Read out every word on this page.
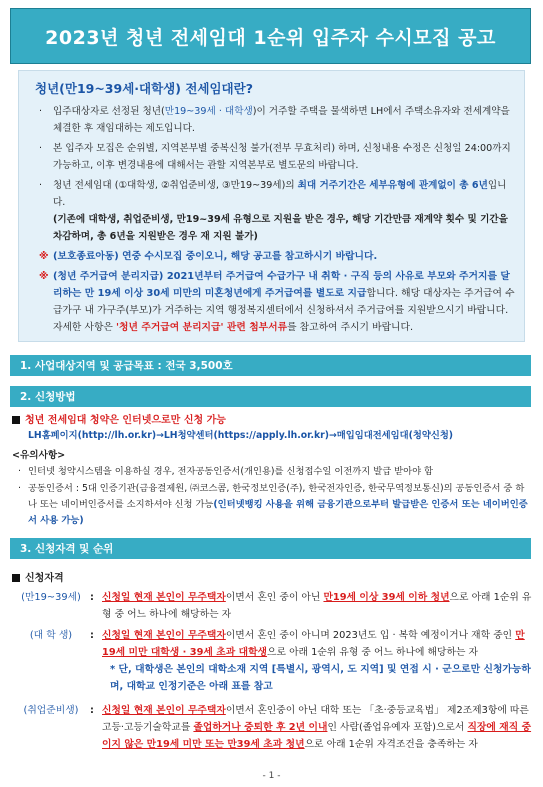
2023년 청년 전세임대 1순위 입주자 수시모집 공고
청년(만19~39세·대학생) 전세임대란?
· 입주대상자로 선정된 청년(만19~39세 · 대학생)이 거주할 주택을 물색하면 LH에서 주택소유자와 전세계약을 체결한 후 재임대하는 제도입니다.
· 본 입주자 모집은 순위별, 지역본부별 중복신청 불가(전부 무효처리) 하며, 신청내용 수정은 신청일 24:00까지 가능하고, 이후 변경내용에 대해서는 관할 지역본부로 별도문의 바랍니다.
· 청년 전세임대 (①대학생, ②취업준비생, ③만19~39세)의 최대 거주기간은 세부유형에 관계없이 총 6년입니다.
(기존에 대학생, 취업준비생, 만19~39세 유형으로 지원을 받은 경우, 해당 기간만큼 재계약 횟수 및 기간을 차감하며, 총 6년을 지원받은 경우 재 지원 불가)
※ (보호종료아동) 연중 수시모집 중이오니, 해당 공고를 참고하시기 바랍니다.
※ (청년 주거급여 분리지급) 2021년부터 주거급여 수급가구 내 취학 · 구직 등의 사유로 부모와 주거지를 달리하는 만 19세 이상 30세 미만의 미혼청년에게 주거급여를 별도로 지급합니다. 해당 대상자는 주거급여 수급가구 내 가구주(부모)가 거주하는 지역 행정복지센터에서 신청하셔서 주거급여를 지원받으시기 바랍니다. 자세한 사항은 '청년 주거급여 분리지급' 관련 첨부서류를 참고하여 주시기 바랍니다.
1. 사업대상지역 및 공급목표 : 전국 3,500호
2. 신청방법
청년 전세임대 청약은 인터넷으로만 신청 가능
LH홈페이지(http://lh.or.kr)→LH청약센터(https://apply.lh.or.kr)→매입임대전세임대(청약신청)
<유의사항>
· 인터넷 청약시스템을 이용하실 경우, 전자공동인증서(개인용)를 신청접수일 이전까지 발급 받아야 함
· 공동인증서 : 5대 인증기관(금융결제원, ㈜코스콤, 한국정보인증(주), 한국전자인증, 한국무역정보통신)의 공동인증서 중 하나 또는 네이버인증서를 소지하셔야 신청 가능(인터넷뱅킹 사용을 위해 금융기관으로부터 발급받은 인증서 또는 네이버인증서 사용 가능)
3. 신청자격 및 순위
신청자격
(만19~39세) : 신청일 현재 본인이 무주택자이면서 혼인 중이 아닌 만19세 이상 39세 이하 청년으로 아래 1순위 유형 중 어느 하나에 해당하는 자
(대 학 생)	: 신청일 현재 본인이 무주택자이면서 혼인 중이 아니며 2023년도 입 · 복학 예정이거나 재학 중인 만19세 미만 대학생 · 39세 초과 대학생으로 아래 1순위 유형 중 어느 하나에 해당하는 자
* 단, 대학생은 본인의 대학소재 지역 [특별시, 광역시, 도 지역] 및 연접 시 · 군으로만 신청가능하며, 대학교 인정기준은 아래 표를 참고
(취업준비생)	: 신청일 현재 본인이 무주택자이면서 혼인중이 아닌 대학 또는 「초·중등교육법」 제2조제3항에 따른 고등·고등기술학교를 졸업하거나 중퇴한 후 2년 이내인 사람(졸업유예자 포함)으로서 직장에 재직 중이지 않은 만19세 미만 또는 만39세 초과 청년으로 아래 1순위 자격조건을 충족하는 자
- 1 -
